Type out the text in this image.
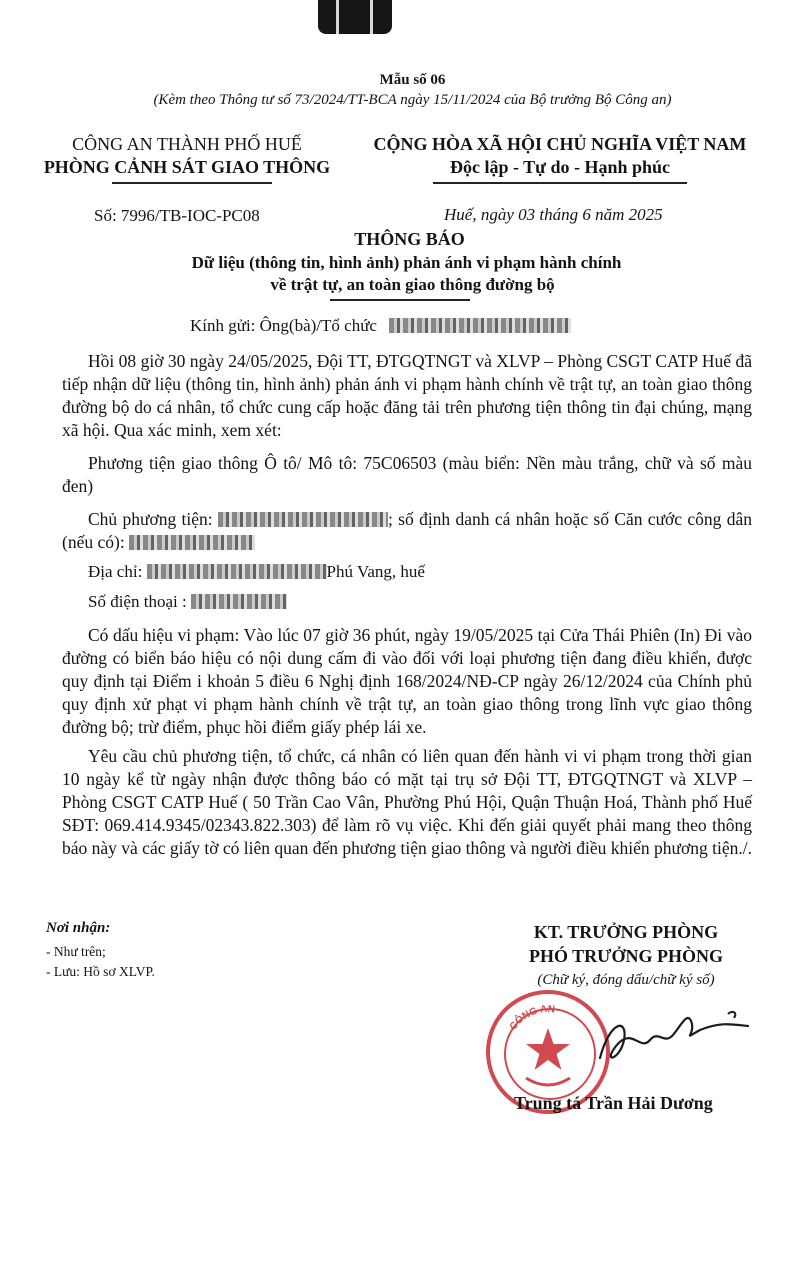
Mẫu số 06
(Kèm theo Thông tư số 73/2024/TT-BCA ngày 15/11/2024 của Bộ trưởng Bộ Công an)
CÔNG AN THÀNH PHỐ HUẾ
PHÒNG CẢNH SÁT GIAO THÔNG
CỘNG HÒA XÃ HỘI CHỦ NGHĨA VIỆT NAM
Độc lập - Tự do - Hạnh phúc
Số: 7996/TB-IOC-PC08	Huế, ngày 03 tháng 6 năm 2025
THÔNG BÁO
Dữ liệu (thông tin, hình ảnh) phản ánh vi phạm hành chính
về trật tự, an toàn giao thông đường bộ
Kính gửi: Ông(bà)/Tổ chức
Hồi 08 giờ 30 ngày 24/05/2025, Đội TT, ĐTGQTNGT và XLVP – Phòng CSGT CATP Huế đã tiếp nhận dữ liệu (thông tin, hình ảnh) phản ánh vi phạm hành chính về trật tự, an toàn giao thông đường bộ do cá nhân, tổ chức cung cấp hoặc đăng tải trên phương tiện thông tin đại chúng, mạng xã hội. Qua xác minh, xem xét:
Phương tiện giao thông Ô tô/ Mô tô: 75C06503 (màu biển: Nền màu trắng, chữ và số màu đen)
Chủ phương tiện:	; số định danh cá nhân hoặc số Căn cước công dân (nếu có):
Địa chỉ:	Phú Vang, huế
Số điện thoại :
Có dấu hiệu vi phạm: Vào lúc 07 giờ 36 phút, ngày 19/05/2025 tại Cửa Thái Phiên (In) Đi vào đường có biển báo hiệu có nội dung cấm đi vào đối với loại phương tiện đang điều khiển, được quy định tại Điểm i khoản 5 điều 6 Nghị định 168/2024/NĐ-CP ngày 26/12/2024 của Chính phủ quy định xử phạt vi phạm hành chính về trật tự, an toàn giao thông trong lĩnh vực giao thông đường bộ; trừ điểm, phục hồi điểm giấy phép lái xe.
Yêu cầu chủ phương tiện, tổ chức, cá nhân có liên quan đến hành vi vi phạm trong thời gian 10 ngày kể từ ngày nhận được thông báo có mặt tại trụ sở Đội TT, ĐTGQTNGT và XLVP – Phòng CSGT CATP Huế ( 50 Trần Cao Vân, Phường Phú Hội, Quận Thuận Hoá, Thành phố Huế SĐT: 069.414.9345/02343.822.303) để làm rõ vụ việc. Khi đến giải quyết phải mang theo thông báo này và các giấy tờ có liên quan đến phương tiện giao thông và người điều khiển phương tiện./.
Nơi nhận:
- Như trên;
- Lưu: Hồ sơ XLVP.
KT. TRƯỞNG PHÒNG
PHÓ TRƯỞNG PHÒNG
(Chữ ký, đóng dấu/chữ ký số)
CÔNG AN
Trung tá Trần Hải Dương
